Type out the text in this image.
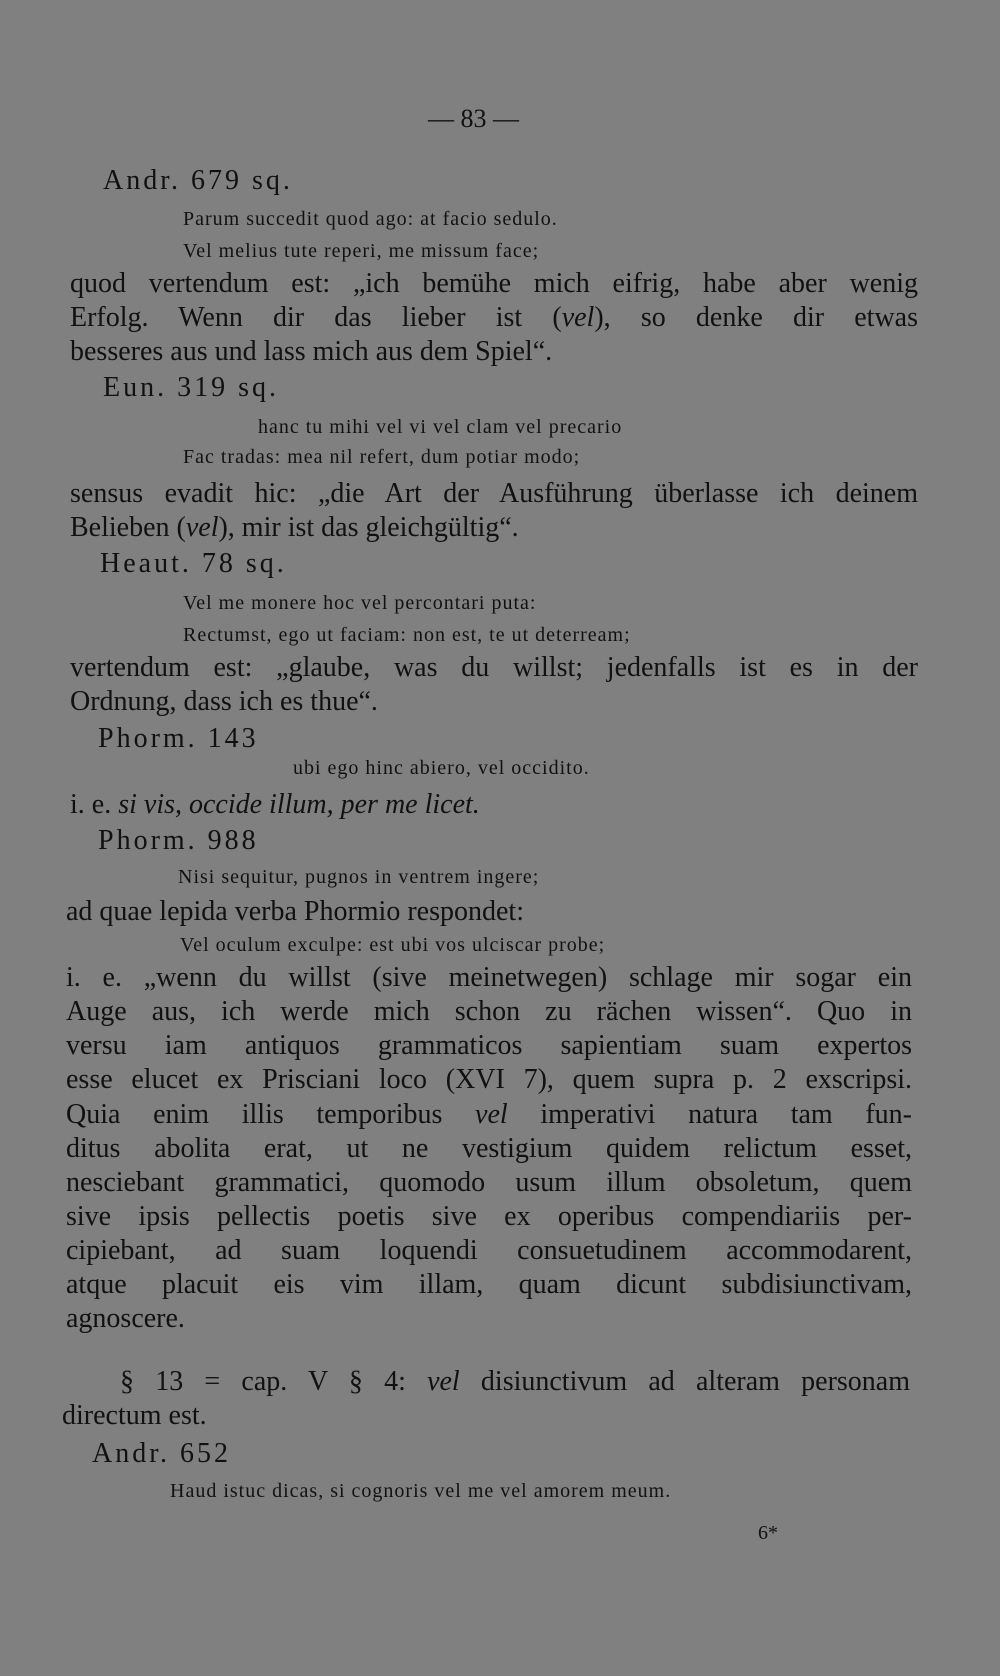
— 83 —
Andr. 679 sq.
Parum succedit quod ago: at facio sedulo.
Vel melius tute reperi, me missum face;
quod vertendum est: „ich bemühe mich eifrig, habe aber wenig
Erfolg. Wenn dir das lieber ist (vel), so denke dir etwas
besseres aus und lass mich aus dem Spiel“.
Eun. 319 sq.
hanc tu mihi vel vi vel clam vel precario
Fac tradas: mea nil refert, dum potiar modo;
sensus evadit hic: „die Art der Ausführung überlasse ich deinem
Belieben (vel), mir ist das gleichgültig“.
Heaut. 78 sq.
Vel me monere hoc vel percontari puta:
Rectumst, ego ut faciam: non est, te ut deterream;
vertendum est: „glaube, was du willst; jedenfalls ist es in der
Ordnung, dass ich es thue“.
Phorm. 143
ubi ego hinc abiero, vel occidito.
i. e. si vis, occide illum, per me licet.
Phorm. 988
Nisi sequitur, pugnos in ventrem ingere;
ad quae lepida verba Phormio respondet:
Vel oculum exculpe: est ubi vos ulciscar probe;
i. e. „wenn du willst (sive meinetwegen) schlage mir sogar ein
Auge aus, ich werde mich schon zu rächen wissen“. Quo in
versu iam antiquos grammaticos sapientiam suam expertos
esse elucet ex Prisciani loco (XVI 7), quem supra p. 2 exscripsi.
Quia enim illis temporibus vel imperativi natura tam fun-
ditus abolita erat, ut ne vestigium quidem relictum esset,
nesciebant grammatici, quomodo usum illum obsoletum, quem
sive ipsis pellectis poetis sive ex operibus compendiariis per-
cipiebant, ad suam loquendi consuetudinem accommodarent,
atque placuit eis vim illam, quam dicunt subdisiunctivam,
agnoscere.
§ 13 = cap. V § 4: vel disiunctivum ad alteram personam
directum est.
Andr. 652
Haud istuc dicas, si cognoris vel me vel amorem meum.
6*
